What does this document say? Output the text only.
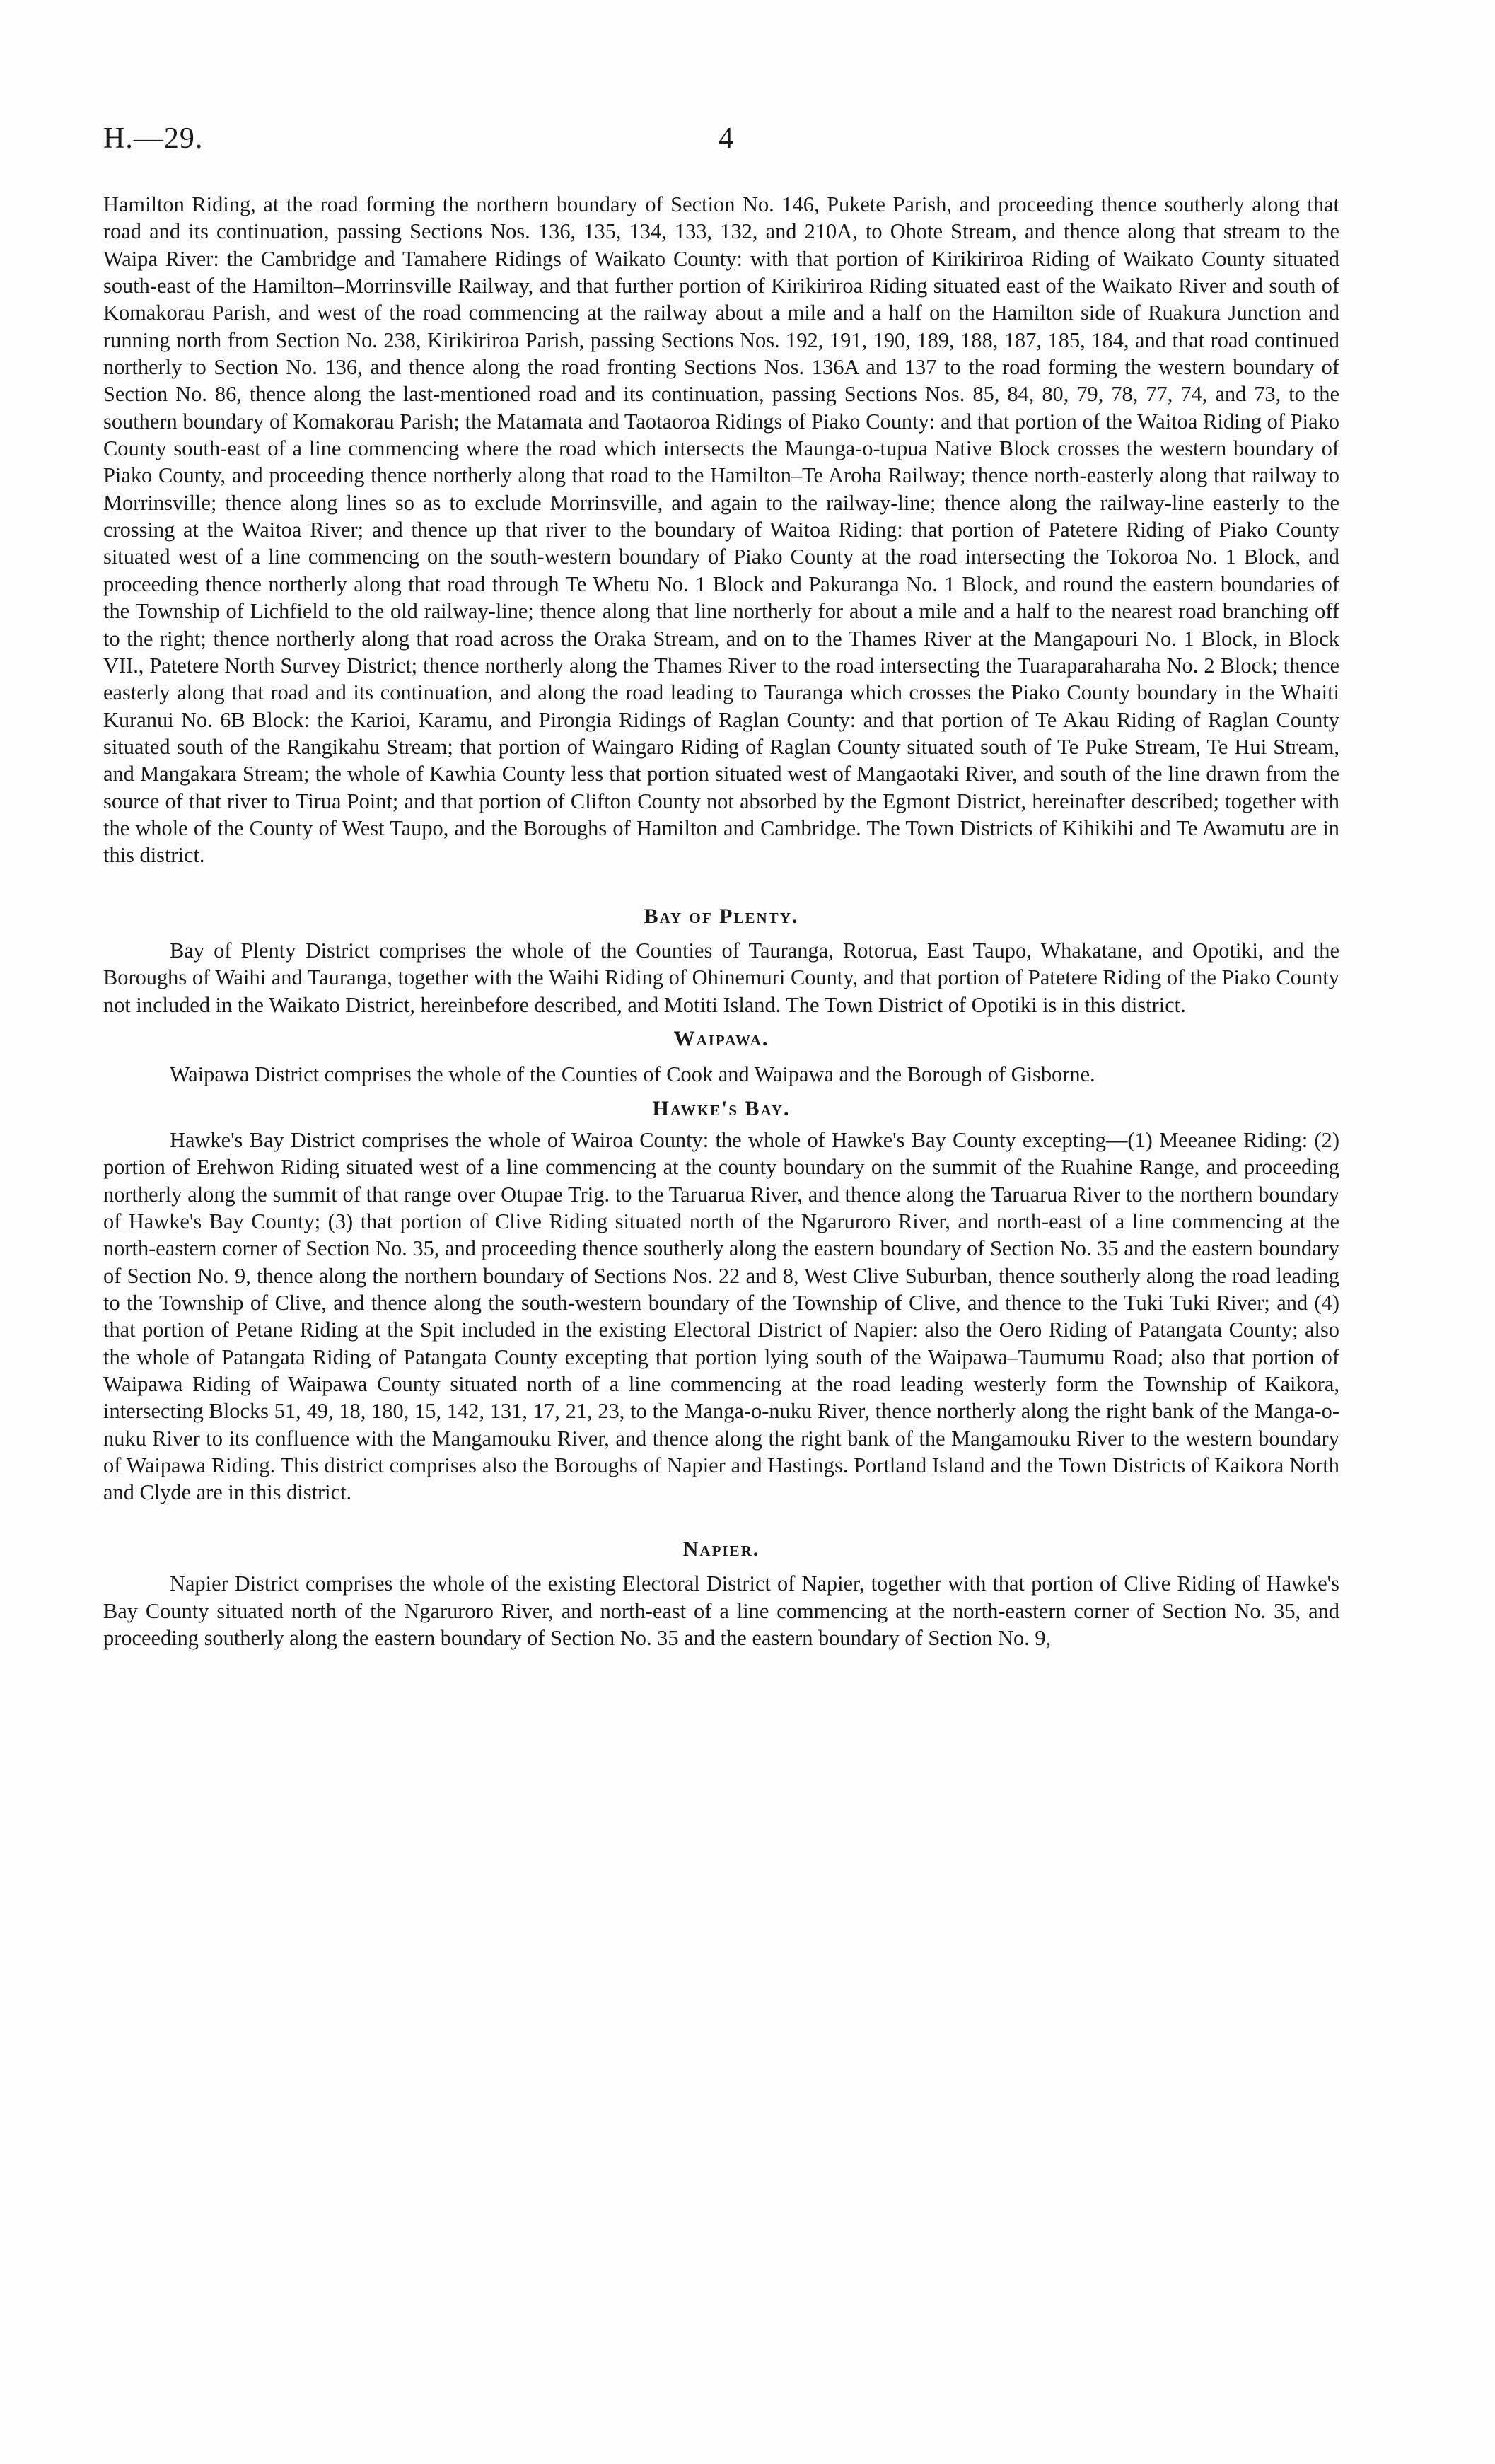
H.—29.	4

Hamilton Riding, at the road forming the northern boundary of Section No. 146, Pukete Parish, and proceeding thence southerly along that road and its continuation, passing Sections Nos. 136, 135, 134, 133, 132, and 210A, to Ohote Stream, and thence along that stream to the Waipa River: the Cambridge and Tamahere Ridings of Waikato County: with that portion of Kirikiriroa Riding of Waikato County situated south-east of the Hamilton–Morrinsville Railway, and that further portion of Kirikiriroa Riding situated east of the Waikato River and south of Komakorau Parish, and west of the road commencing at the railway about a mile and a half on the Hamilton side of Ruakura Junction and running north from Section No. 238, Kirikiriroa Parish, passing Sections Nos. 192, 191, 190, 189, 188, 187, 185, 184, and that road continued northerly to Section No. 136, and thence along the road fronting Sections Nos. 136A and 137 to the road forming the western boundary of Section No. 86, thence along the last-mentioned road and its continuation, passing Sections Nos. 85, 84, 80, 79, 78, 77, 74, and 73, to the southern boundary of Komakorau Parish; the Matamata and Taotaoroa Ridings of Piako County: and that portion of the Waitoa Riding of Piako County south-east of a line commencing where the road which intersects the Maunga-o-tupua Native Block crosses the western boundary of Piako County, and proceeding thence northerly along that road to the Hamilton–Te Aroha Railway; thence north-easterly along that railway to Morrinsville; thence along lines so as to exclude Morrinsville, and again to the railway-line; thence along the railway-line easterly to the crossing at the Waitoa River; and thence up that river to the boundary of Waitoa Riding: that portion of Patetere Riding of Piako County situated west of a line commencing on the south-western boundary of Piako County at the road intersecting the Tokoroa No. 1 Block, and proceeding thence northerly along that road through Te Whetu No. 1 Block and Pakuranga No. 1 Block, and round the eastern boundaries of the Township of Lichfield to the old railway-line; thence along that line northerly for about a mile and a half to the nearest road branching off to the right; thence northerly along that road across the Oraka Stream, and on to the Thames River at the Mangapouri No. 1 Block, in Block VII., Patetere North Survey District; thence northerly along the Thames River to the road intersecting the Tuaraparaharaha No. 2 Block; thence easterly along that road and its continuation, and along the road leading to Tauranga which crosses the Piako County boundary in the Whaiti Kuranui No. 6B Block: the Karioi, Karamu, and Pirongia Ridings of Raglan County: and that portion of Te Akau Riding of Raglan County situated south of the Rangikahu Stream; that portion of Waingaro Riding of Raglan County situated south of Te Puke Stream, Te Hui Stream, and Mangakara Stream; the whole of Kawhia County less that portion situated west of Mangaotaki River, and south of the line drawn from the source of that river to Tirua Point; and that portion of Clifton County not absorbed by the Egmont District, hereinafter described; together with the whole of the County of West Taupo, and the Boroughs of Hamilton and Cambridge. The Town Districts of Kihikihi and Te Awamutu are in this district.

Bay of Plenty.

Bay of Plenty District comprises the whole of the Counties of Tauranga, Rotorua, East Taupo, Whakatane, and Opotiki, and the Boroughs of Waihi and Tauranga, together with the Waihi Riding of Ohinemuri County, and that portion of Patetere Riding of the Piako County not included in the Waikato District, hereinbefore described, and Motiti Island. The Town District of Opotiki is in this district.

Waipawa.

Waipawa District comprises the whole of the Counties of Cook and Waipawa and the Borough of Gisborne.

Hawke's Bay.

Hawke's Bay District comprises the whole of Wairoa County: the whole of Hawke's Bay County excepting—(1) Meeanee Riding: (2) portion of Erehwon Riding situated west of a line commencing at the county boundary on the summit of the Ruahine Range, and proceeding northerly along the summit of that range over Otupae Trig. to the Taruarua River, and thence along the Taruarua River to the northern boundary of Hawke's Bay County; (3) that portion of Clive Riding situated north of the Ngaruroro River, and north-east of a line commencing at the north-eastern corner of Section No. 35, and proceeding thence southerly along the eastern boundary of Section No. 35 and the eastern boundary of Section No. 9, thence along the northern boundary of Sections Nos. 22 and 8, West Clive Suburban, thence southerly along the road leading to the Township of Clive, and thence along the south-western boundary of the Township of Clive, and thence to the Tuki Tuki River; and (4) that portion of Petane Riding at the Spit included in the existing Electoral District of Napier: also the Oero Riding of Patangata County; also the whole of Patangata Riding of Patangata County excepting that portion lying south of the Waipawa–Taumumu Road; also that portion of Waipawa Riding of Waipawa County situated north of a line commencing at the road leading westerly form the Township of Kaikora, intersecting Blocks 51, 49, 18, 180, 15, 142, 131, 17, 21, 23, to the Manga-o-nuku River, thence northerly along the right bank of the Manga-o-nuku River to its confluence with the Mangamouku River, and thence along the right bank of the Mangamouku River to the western boundary of Waipawa Riding. This district comprises also the Boroughs of Napier and Hastings. Portland Island and the Town Districts of Kaikora North and Clyde are in this district.

Napier.

Napier District comprises the whole of the existing Electoral District of Napier, together with that portion of Clive Riding of Hawke's Bay County situated north of the Ngaruroro River, and north-east of a line commencing at the north-eastern corner of Section No. 35, and proceeding southerly along the eastern boundary of Section No. 35 and the eastern boundary of Section No. 9,
